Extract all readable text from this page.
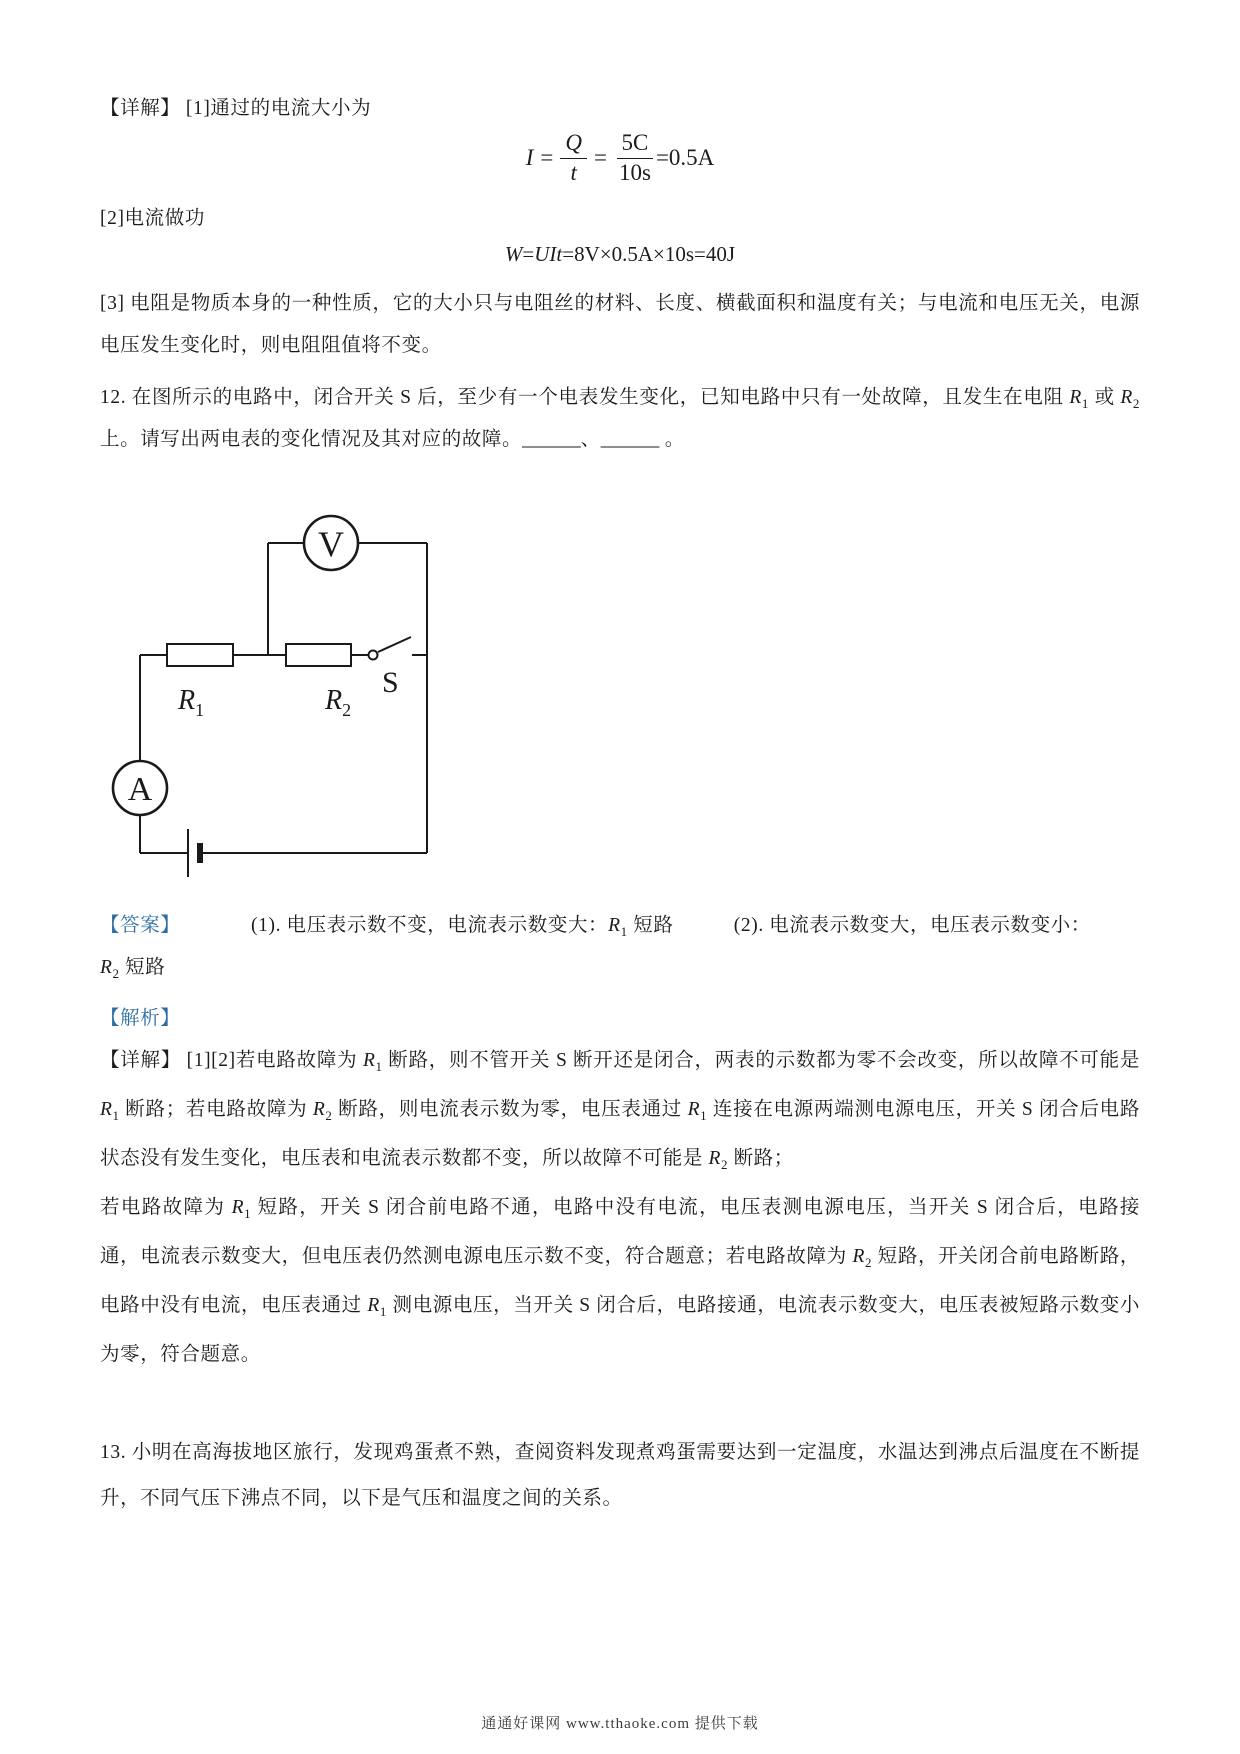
【详解】 [1]通过的电流大小为
$I = \frac{Q}{t} = \frac{5C}{10s} =0.5A$
[2]电流做功
W=UIt=8V×0.5A×10s=40J
[3] 电阻是物质本身的一种性质，它的大小只与电阻丝的材料、长度、横截面积和温度有关；与电流和电压无关，电源电压发生变化时，则电阻阻值将不变。
12. 在图所示的电路中，闭合开关 S 后，至少有一个电表发生变化，已知电路中只有一处故障，且发生在电阻 $R_1$ 或 $R_2$ 上。请写出两电表的变化情况及其对应的故障。______、______ 。
V
A
$R_1$	$R_2$
S
【答案】　　　　(1). 电压表示数不变，电流表示数变大：$R_1$ 短路　　　	(2). 电流表示数变大，电压表示数变小：
$R_2$ 短路
【解析】
【详解】 [1][2]若电路故障为 $R_1$ 断路，则不管开关 S 断开还是闭合，两表的示数都为零不会改变，所以故障不可能是 $R_1$ 断路；若电路故障为 $R_2$ 断路，则电流表示数为零，电压表通过 $R_1$ 连接在电源两端测电源电压，开关 S 闭合后电路状态没有发生变化，电压表和电流表示数都不变，所以故障不可能是 $R_2$ 断路；
若电路故障为 $R_1$ 短路，开关 S 闭合前电路不通，电路中没有电流，电压表测电源电压，当开关 S 闭合后，电路接通，电流表示数变大，但电压表仍然测电源电压示数不变，符合题意；若电路故障为 $R_2$ 短路，开关闭合前电路断路，电路中没有电流，电压表通过 $R_1$ 测电源电压，当开关 S 闭合后，电路接通，电流表示数变大，电压表被短路示数变小为零，符合题意。
13. 小明在高海拔地区旅行，发现鸡蛋煮不熟，查阅资料发现煮鸡蛋需要达到一定温度，水温达到沸点后温度在不断提升，不同气压下沸点不同，以下是气压和温度之间的关系。
通通好课网 www.tthaoke.com 提供下载
